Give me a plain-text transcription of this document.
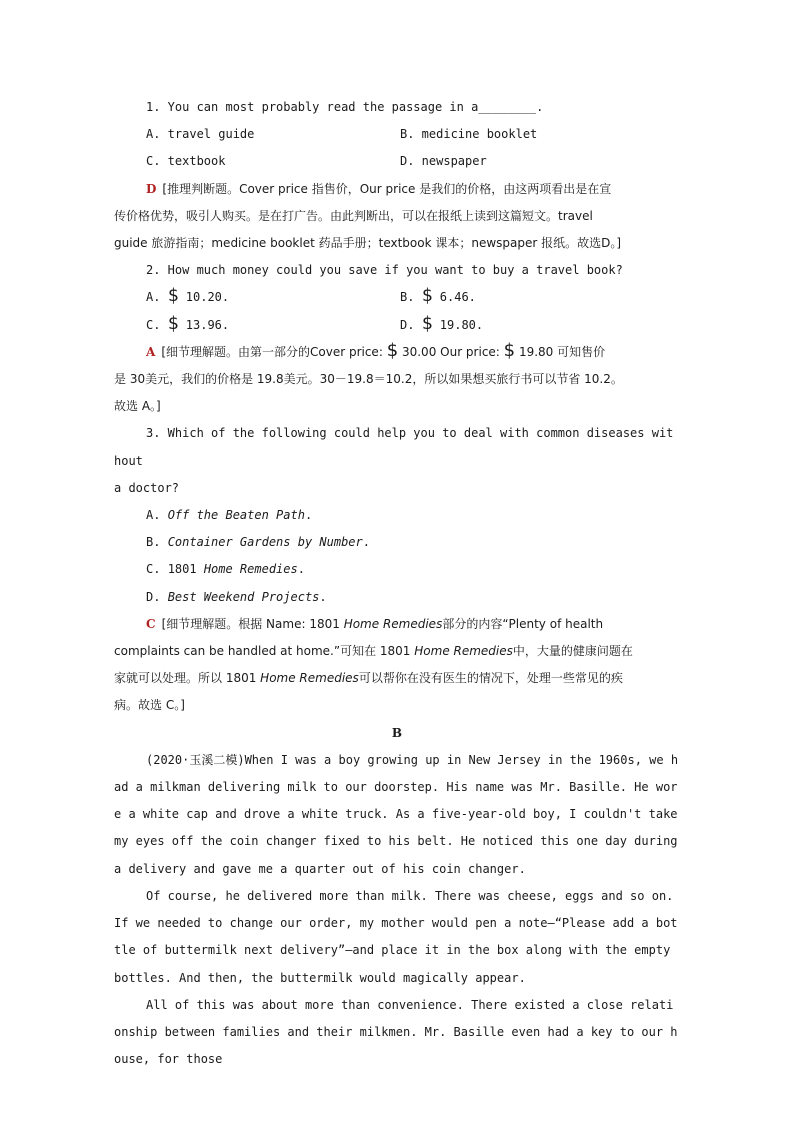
1. You can most probably read the passage in a________.

A. travel guide	B. medicine booklet
C. textbook	D. newspaper

D [推理判断题。Cover price 指售价，Our price 是我们的价格，由这两项看出是在宣

传价格优势，吸引人购买。是在打广告。由此判断出，可以在报纸上读到这篇短文。travel

guide 旅游指南；medicine booklet 药品手册；textbook 课本；newspaper 报纸。故选D。]

2. How much money could you save if you want to buy a travel book?

A. $ 10.20.	B. $ 6.46.
C. $ 13.96.	D. $ 19.80.

A [细节理解题。由第一部分的Cover price: $ 30.00 Our price: $ 19.80 可知售价

是 30美元，我们的价格是 19.8美元。30－19.8＝10.2，所以如果想买旅行书可以节省 10.2。

故选 A。]

3. Which of the following could help you to deal with common diseases without

a doctor?

A. Off the Beaten Path.

B. Container Gardens by Number.

C. 1801 Home Remedies.

D. Best Weekend Projects.

C [细节理解题。根据 Name: 1801 Home Remedies部分的内容“Plenty of health

complaints can be handled at home.”可知在 1801 Home Remedies中，大量的健康问题在

家就可以处理。所以 1801 Home Remedies可以帮你在没有医生的情况下，处理一些常见的疾

病。故选 C。]

B

(2020·玉溪二模)When I was a boy growing up in New Jersey in the 1960s, we had a milkman delivering milk to our doorstep. His name was Mr. Basille. He wore a white cap and drove a white truck. As a five-year-old boy, I couldn't take my eyes off the coin changer fixed to his belt. He noticed this one day during a delivery and gave me a quarter out of his coin changer.

Of course, he delivered more than milk. There was cheese, eggs and so on. If we needed to change our order, my mother would pen a note—“Please add a bottle of buttermilk next delivery”—and place it in the box along with the empty bottles. And then, the buttermilk would magically appear.

All of this was about more than convenience. There existed a close relationship between families and their milkmen. Mr. Basille even had a key to our house, for those
